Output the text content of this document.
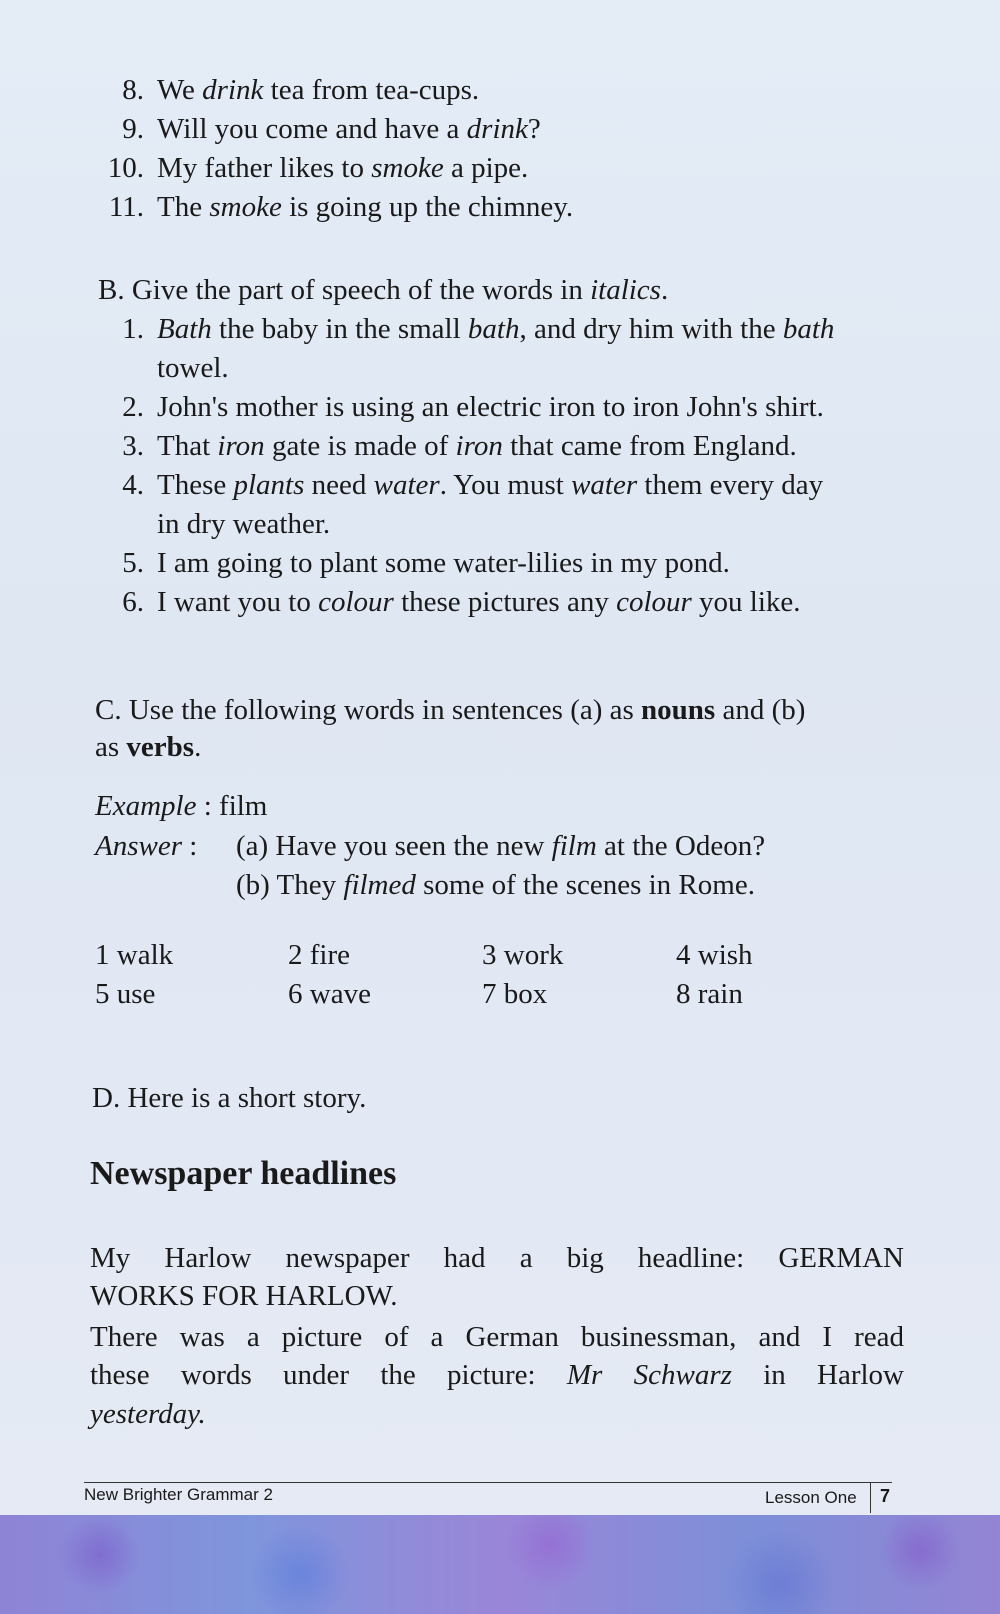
8. We drink tea from tea-cups.
9. Will you come and have a drink?
10. My father likes to smoke a pipe.
11. The smoke is going up the chimney.
B. Give the part of speech of the words in italics.
1. Bath the baby in the small bath, and dry him with the bath
towel.
2. John's mother is using an electric iron to iron John's shirt.
3. That iron gate is made of iron that came from England.
4. These plants need water. You must water them every day
in dry weather.
5. I am going to plant some water-lilies in my pond.
6. I want you to colour these pictures any colour you like.
C. Use the following words in sentences (a) as nouns and (b)
as verbs.
Example : film
Answer : (a) Have you seen the new film at the Odeon?
(b) They filmed some of the scenes in Rome.
1 walk	2 fire	3 work	4 wish
5 use	6 wave	7 box	8 rain
D. Here is a short story.
Newspaper headlines
My Harlow newspaper had a big headline: GERMAN
WORKS FOR HARLOW.
There was a picture of a German businessman, and I read
these words under the picture: Mr Schwarz in Harlow
yesterday.
New Brighter Grammar 2	Lesson One 7
